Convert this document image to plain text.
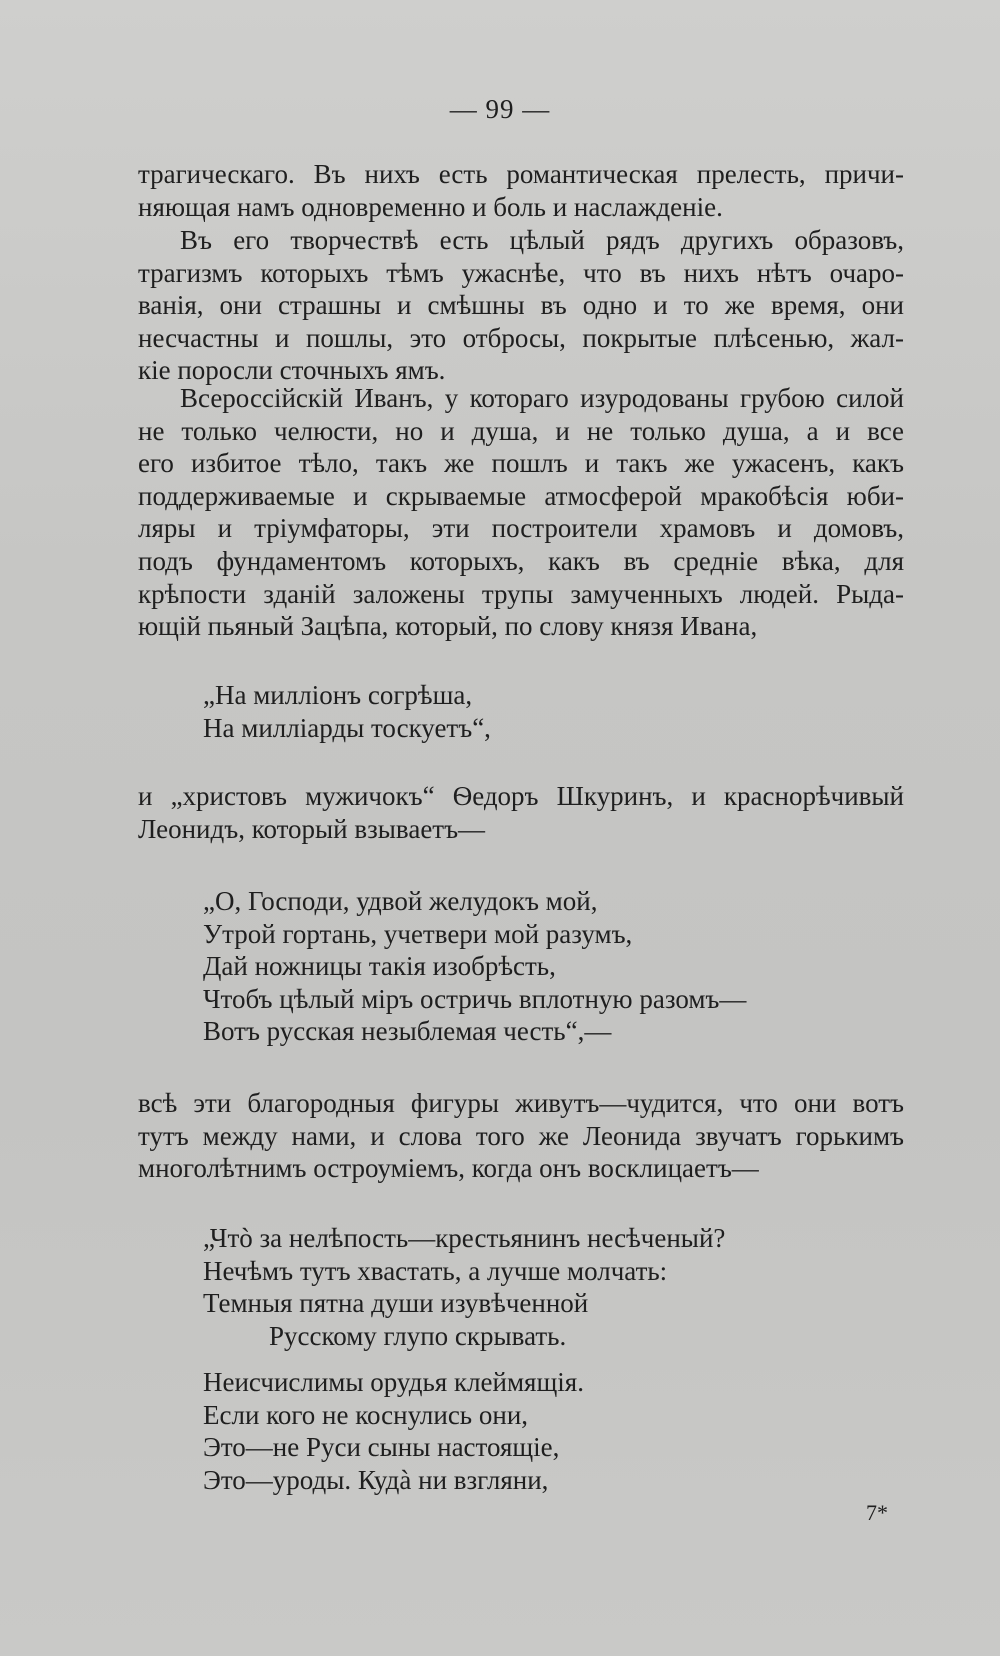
— 99 —
трагическаго. Въ нихъ есть романтическая прелесть, причи-
няющая намъ одновременно и боль и наслажденіе.
Въ его творчествѣ есть цѣлый рядъ другихъ образовъ,
трагизмъ которыхъ тѣмъ ужаснѣе, что въ нихъ нѣтъ очаро-
ванія, они страшны и смѣшны въ одно и то же время, они
несчастны и пошлы, это отбросы, покрытые плѣсенью, жал-
кіе поросли сточныхъ ямъ.
Всероссійскій Иванъ, у котораго изуродованы грубою силой
не только челюсти, но и душа, и не только душа, а и все
его избитое тѣло, такъ же пошлъ и такъ же ужасенъ, какъ
поддерживаемые и скрываемые атмосферой мракобѣсія юби-
ляры и тріумфаторы, эти построители храмовъ и домовъ,
подъ фундаментомъ которыхъ, какъ въ средніе вѣка, для
крѣпости зданій заложены трупы замученныхъ людей. Рыда-
ющій пьяный Зацѣпа, который, по слову князя Ивана,
„На милліонъ согрѣша,
На милліарды тоскуетъ“,
и „христовъ мужичокъ“ Ѳедоръ Шкуринъ, и краснорѣчивый
Леонидъ, который взываетъ—
„О, Господи, удвой желудокъ мой,
Утрой гортань, учетвери мой разумъ,
Дай ножницы такія изобрѣсть,
Чтобъ цѣлый міръ остричь вплотную разомъ—
Вотъ русская незыблемая честь“,—
всѣ эти благородныя фигуры живутъ—чудится, что они вотъ
тутъ между нами, и слова того же Леонида звучатъ горькимъ
многолѣтнимъ остроуміемъ, когда онъ восклицаетъ—
„Чтò за нелѣпость—крестьянинъ несѣченый?
Нечѣмъ тутъ хвастать, а лучше молчать:
Темныя пятна души изувѣченной
Русскому глупо скрывать.
Неисчислимы орудья клеймящія.
Если кого не коснулись они,
Это—не Руси сыны настоящіе,
Это—уроды. Кудà ни взгляни,
7*
